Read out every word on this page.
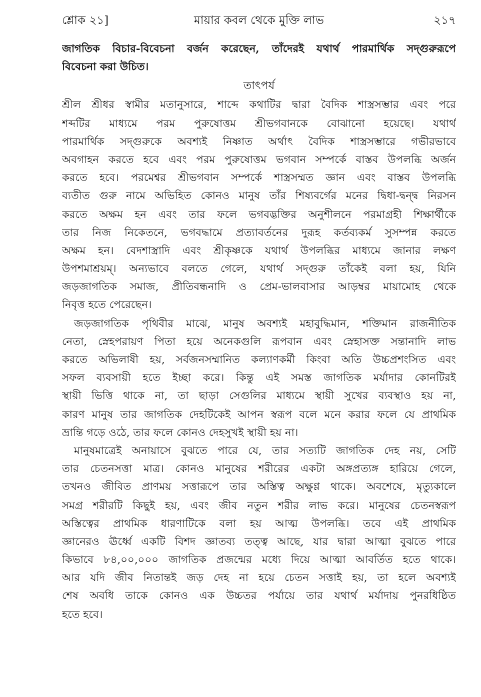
শ্লোক ২১]	মায়ার কবল থেকে মুক্তি লাভ	২১৭
জাগতিক বিচার-বিবেচনা বর্জন করেছেন, তাঁদেরই যথার্থ পারমার্থিক সদ্গুরুরূপে
বিবেচনা করা উচিত।
তাৎপর্য
শ্রীল শ্রীধর স্বামীর মতানুসারে, শাব্দে কথাটির দ্বারা বৈদিক শাস্ত্রসম্ভার এবং পরে
শব্দটির মাধ্যমে পরম পুরুষোত্তম শ্রীভগবানকে বোঝানো হয়েছে। যথার্থ
পারমার্থিক সদ্গুরুকে অবশ্যই নিষ্ণাত অর্থাৎ বৈদিক শাস্ত্রসম্ভারে গভীরভাবে
অবগাহন করতে হবে এবং পরম পুরুষোত্তম ভগবান সম্পর্কে বাস্তব উপলব্ধি অর্জন
করতে হবে। পরমেশ্বর শ্রীভগবান সম্পর্কে শাস্ত্রসম্মত জ্ঞান এবং বাস্তব উপলব্ধি
ব্যতীত গুরু নামে অভিহিত কোনও মানুষ তাঁর শিষ্যবর্গের মনের দ্বিধা-দ্বন্দ্ব নিরসন
করতে অক্ষম হন এবং তার ফলে ভগবদ্ভক্তির অনুশীলনে পরমাগ্রহী শিক্ষার্থীকে
তার নিজ নিকেতনে, ভগবদ্ধামে প্রত্যাবর্তনের দুরূহ কর্তব্যকর্ম সুসম্পন্ন করতে
অক্ষম হন। বেদশাস্ত্রাদি এবং শ্রীকৃষ্ণকে যথার্থ উপলব্ধির মাধ্যমে জানার লক্ষণ
উপশমাশ্রয়ম্। অন্যভাবে বলতে গেলে, যথার্থ সদ্গুরু তাঁকেই বলা হয়, যিনি
জড়জাগতিক সমাজ, প্রীতিবন্ধনাদি ও প্রেম-ভালবাসার আড়ম্বর মায়ামোহ থেকে
নিবৃত্ত হতে পেরেছেন।
জড়জাগতিক পৃথিবীর মাঝে, মানুষ অবশ্যই মহাবুদ্ধিমান, শক্তিমান রাজনীতিক
নেতা, স্নেহপরায়ণ পিতা হয়ে অনেকগুলি রূপবান এবং স্নেহাসক্ত সন্তানাদি লাভ
করতে অভিলাষী হয়, সর্বজনসম্মানিত কল্যাণকর্মী কিংবা অতি উচ্চপ্রশংসিত এবং
সফল ব্যবসায়ী হতে ইচ্ছা করে। কিন্তু এই সমস্ত জাগতিক মর্যাদার কোনটিরই
স্থায়ী ভিত্তি থাকে না, তা ছাড়া সেগুলির মাধ্যমে স্থায়ী সুখের ব্যবস্থাও হয় না,
কারণ মানুষ তার জাগতিক দেহটিকেই আপন স্বরূপ বলে মনে করার ফলে যে প্রাথমিক
ভ্রান্তি গড়ে ওঠে, তার ফলে কোনও দেহসুখই স্থায়ী হয় না।
মানুষমাত্রেই অনায়াসে বুঝতে পারে যে, তার সত্যটি জাগতিক দেহ নয়, সেটি
তার চেতনসত্তা মাত্র। কোনও মানুষের শরীরের একটা অঙ্গপ্রত্যঙ্গ হারিয়ে গেলে,
তখনও জীবিত প্রাণময় সত্তারূপে তার অস্তিত্ব অক্ষুণ্ণ থাকে। অবশেষে, মৃত্যুকালে
সমগ্র শরীরটি কিছুই হয়, এবং জীব নতুন শরীর লাভ করে। মানুষের চেতনস্বরূপ
অস্তিত্বের প্রাথমিক ধারণাটিকে বলা হয় আত্ম উপলব্ধি। তবে এই প্রাথমিক
জ্ঞানেরও ঊর্ধ্বে একটি বিশদ জ্ঞাতব্য তত্ত্ব আছে, যার দ্বারা আত্মা বুঝতে পারে
কিভাবে ৮৪,০০,০০০ জাগতিক প্রজন্মের মধ্যে দিয়ে আত্মা আবর্তিত হতে থাকে।
আর যদি জীব নিতান্তই জড় দেহ না হয়ে চেতন সত্তাই হয়, তা হলে অবশ্যই
শেষ অবধি তাকে কোনও এক উচ্চতর পর্যায়ে তার যথার্থ মর্যাদায় পুনরধিষ্ঠিত
হতে হবে।
